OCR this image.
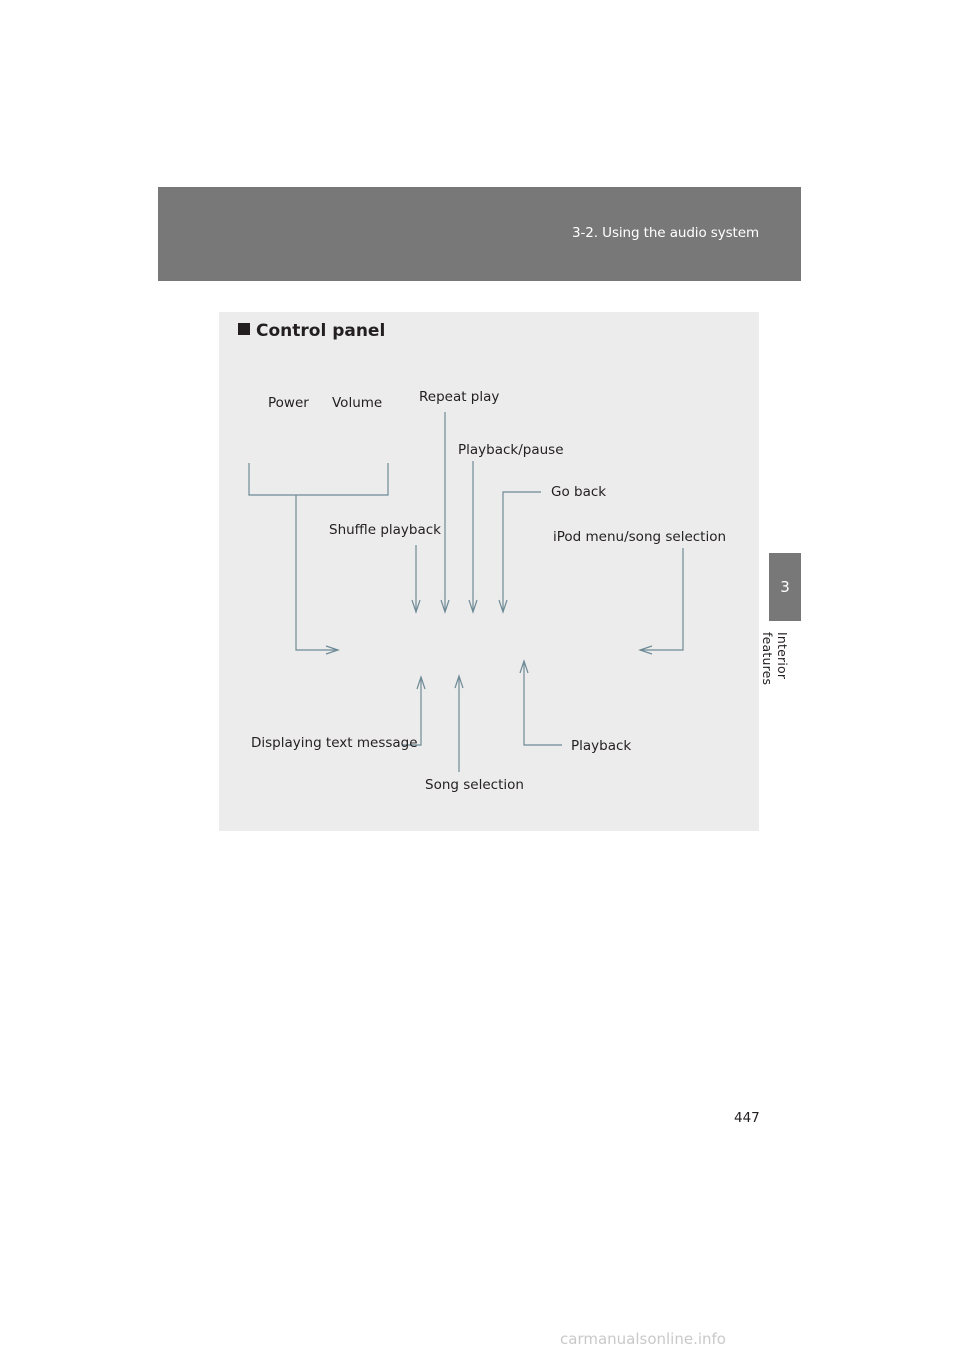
3-2. Using the audio system
3
Interior features
Control panel
Power Volume	Repeat play
Playback/pause
Go back
Shuffle playback	iPod menu/song selection
Displaying text message	Playback
Song selection
447
carmanualsonline.info
